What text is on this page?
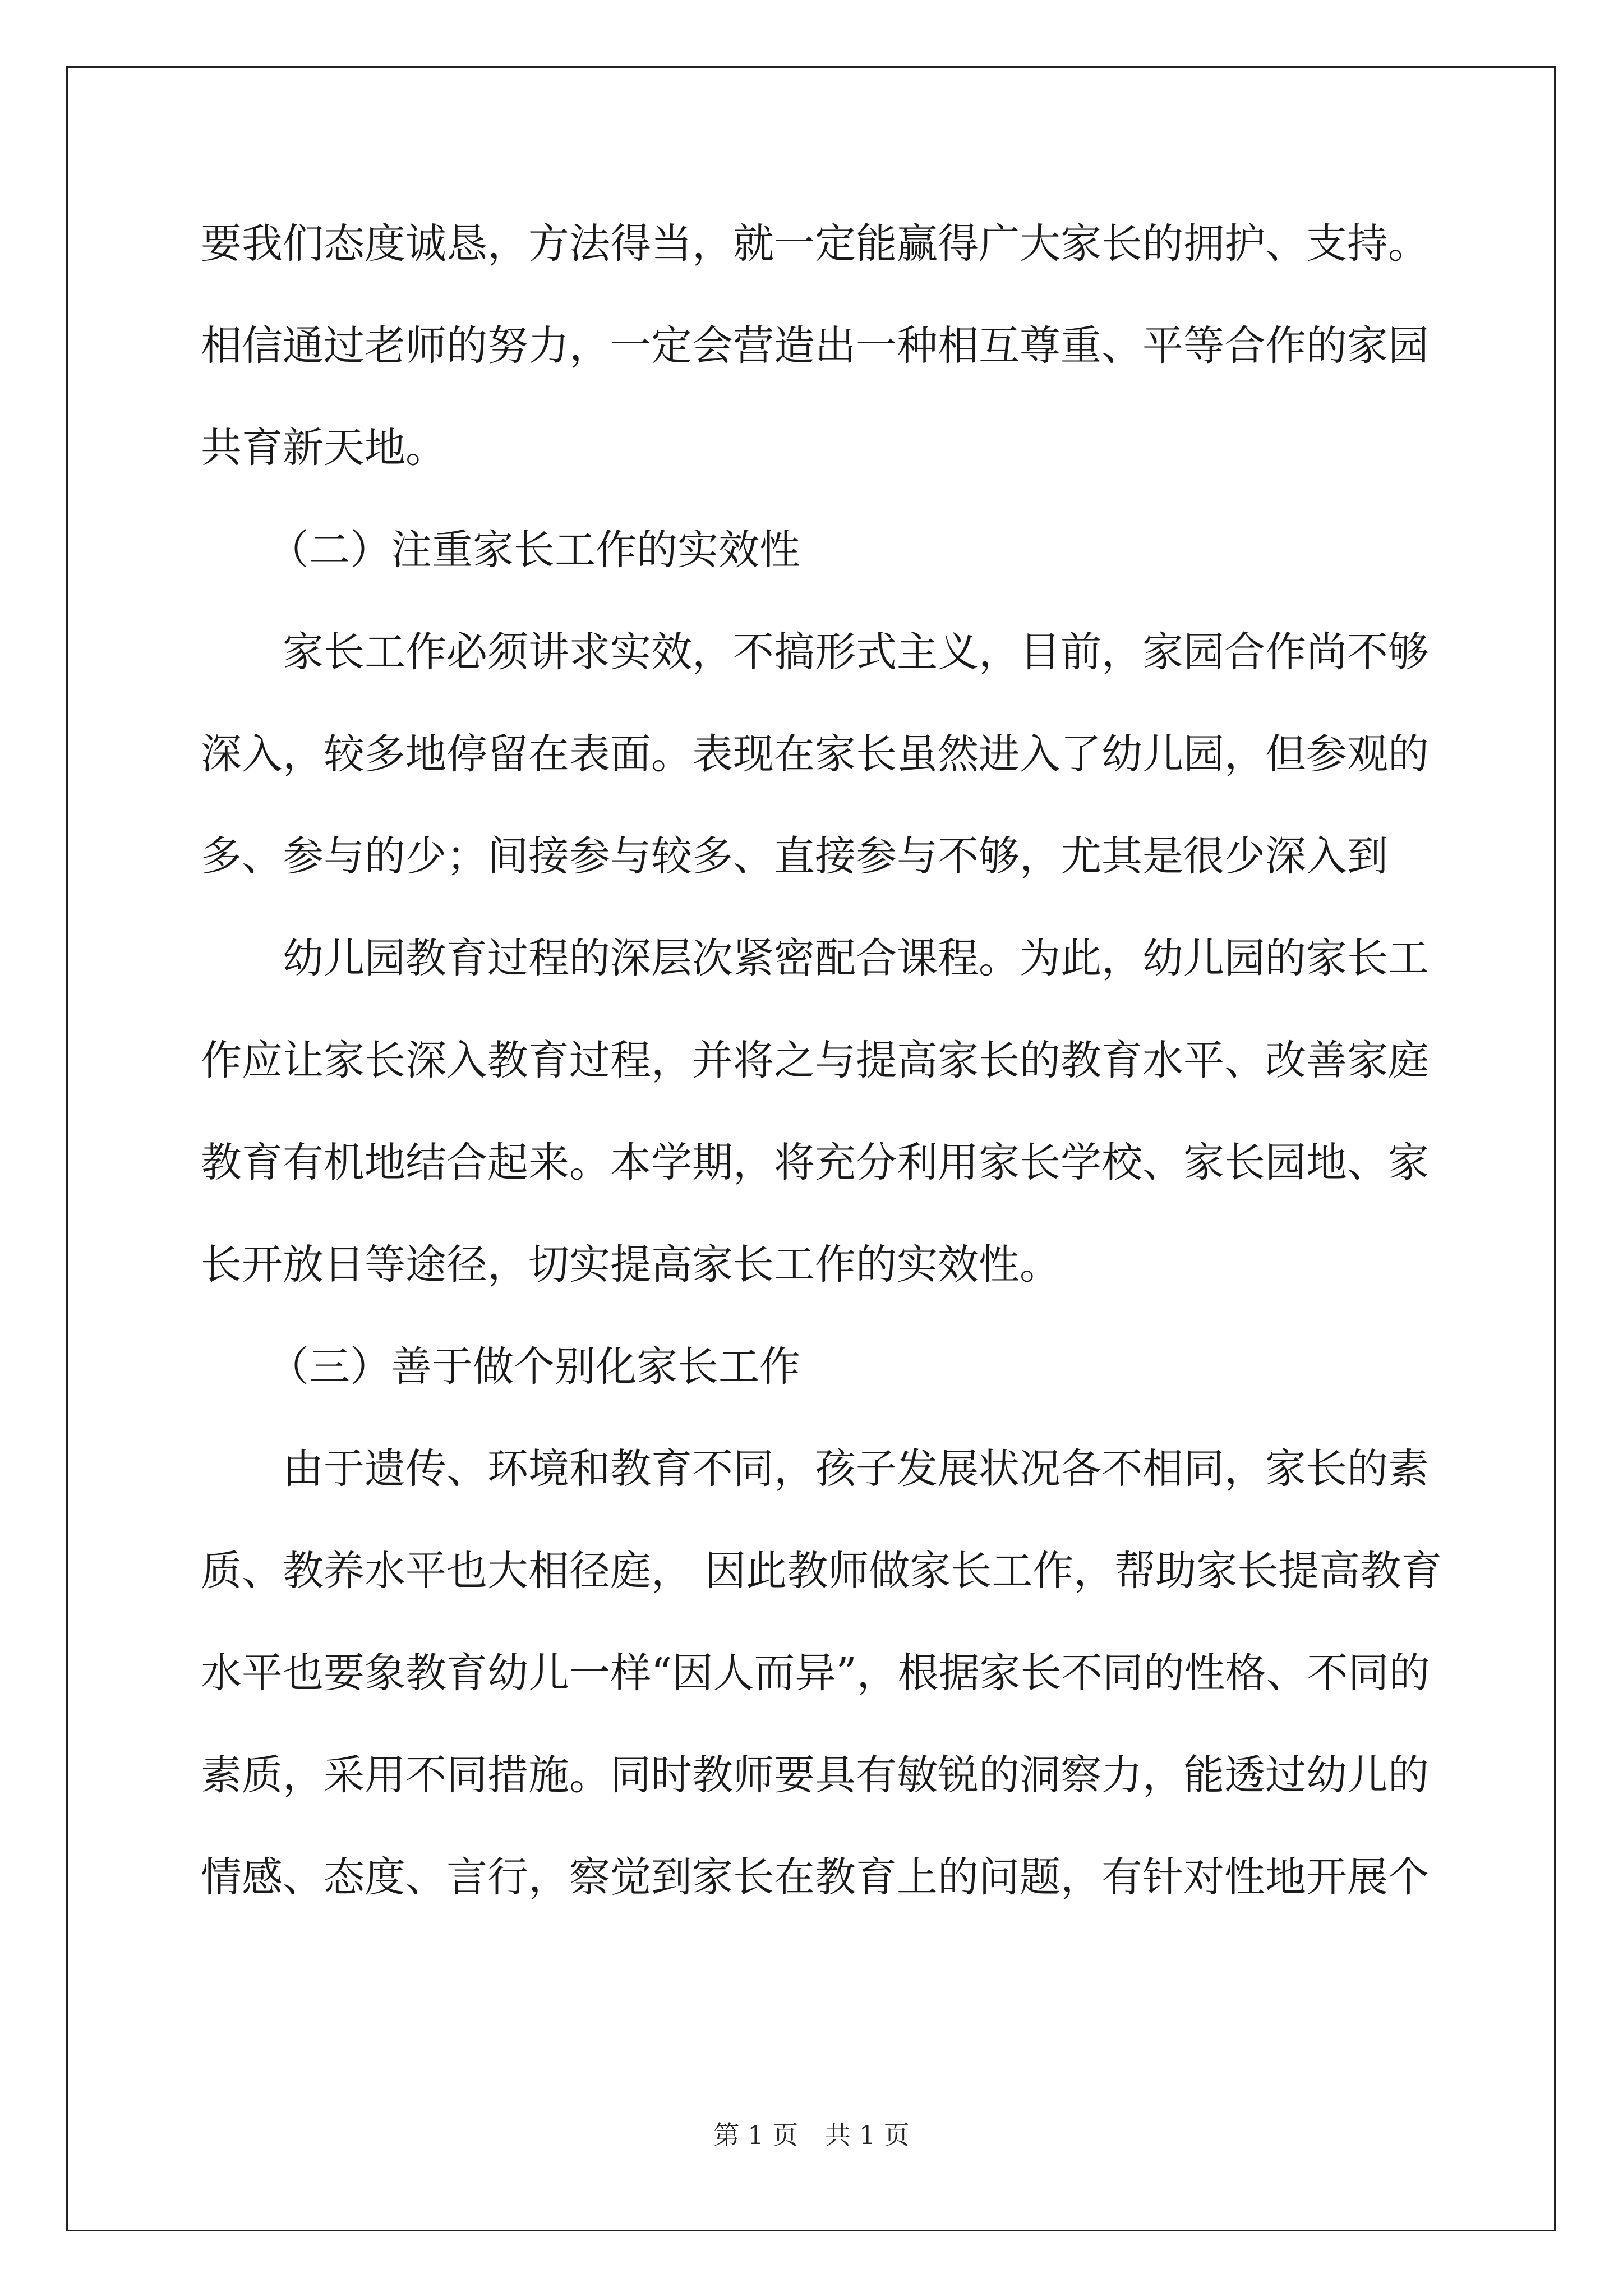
要我们态度诚恳，方法得当，就一定能赢得广大家长的拥护、支持。
相信通过老师的努力，一定会营造出一种相互尊重、平等合作的家园
共育新天地。
（二）注重家长工作的实效性
家长工作必须讲求实效，不搞形式主义，目前，家园合作尚不够
深入，较多地停留在表面。表现在家长虽然进入了幼儿园，但参观的
多、参与的少；间接参与较多、直接参与不够，尤其是很少深入到
幼儿园教育过程的深层次紧密配合课程。为此，幼儿园的家长工
作应让家长深入教育过程，并将之与提高家长的教育水平、改善家庭
教育有机地结合起来。本学期，将充分利用家长学校、家长园地、家
长开放日等途径，切实提高家长工作的实效性。
（三）善于做个别化家长工作
由于遗传、环境和教育不同，孩子发展状况各不相同，家长的素
质、教养水平也大相径庭， 因此教师做家长工作，帮助家长提高教育
水平也要象教育幼儿一样“因人而异”，根据家长不同的性格、不同的
素质，采用不同措施。同时教师要具有敏锐的洞察力，能透过幼儿的
情感、态度、言行，察觉到家长在教育上的问题，有针对性地开展个
第 1 页 共 1 页
